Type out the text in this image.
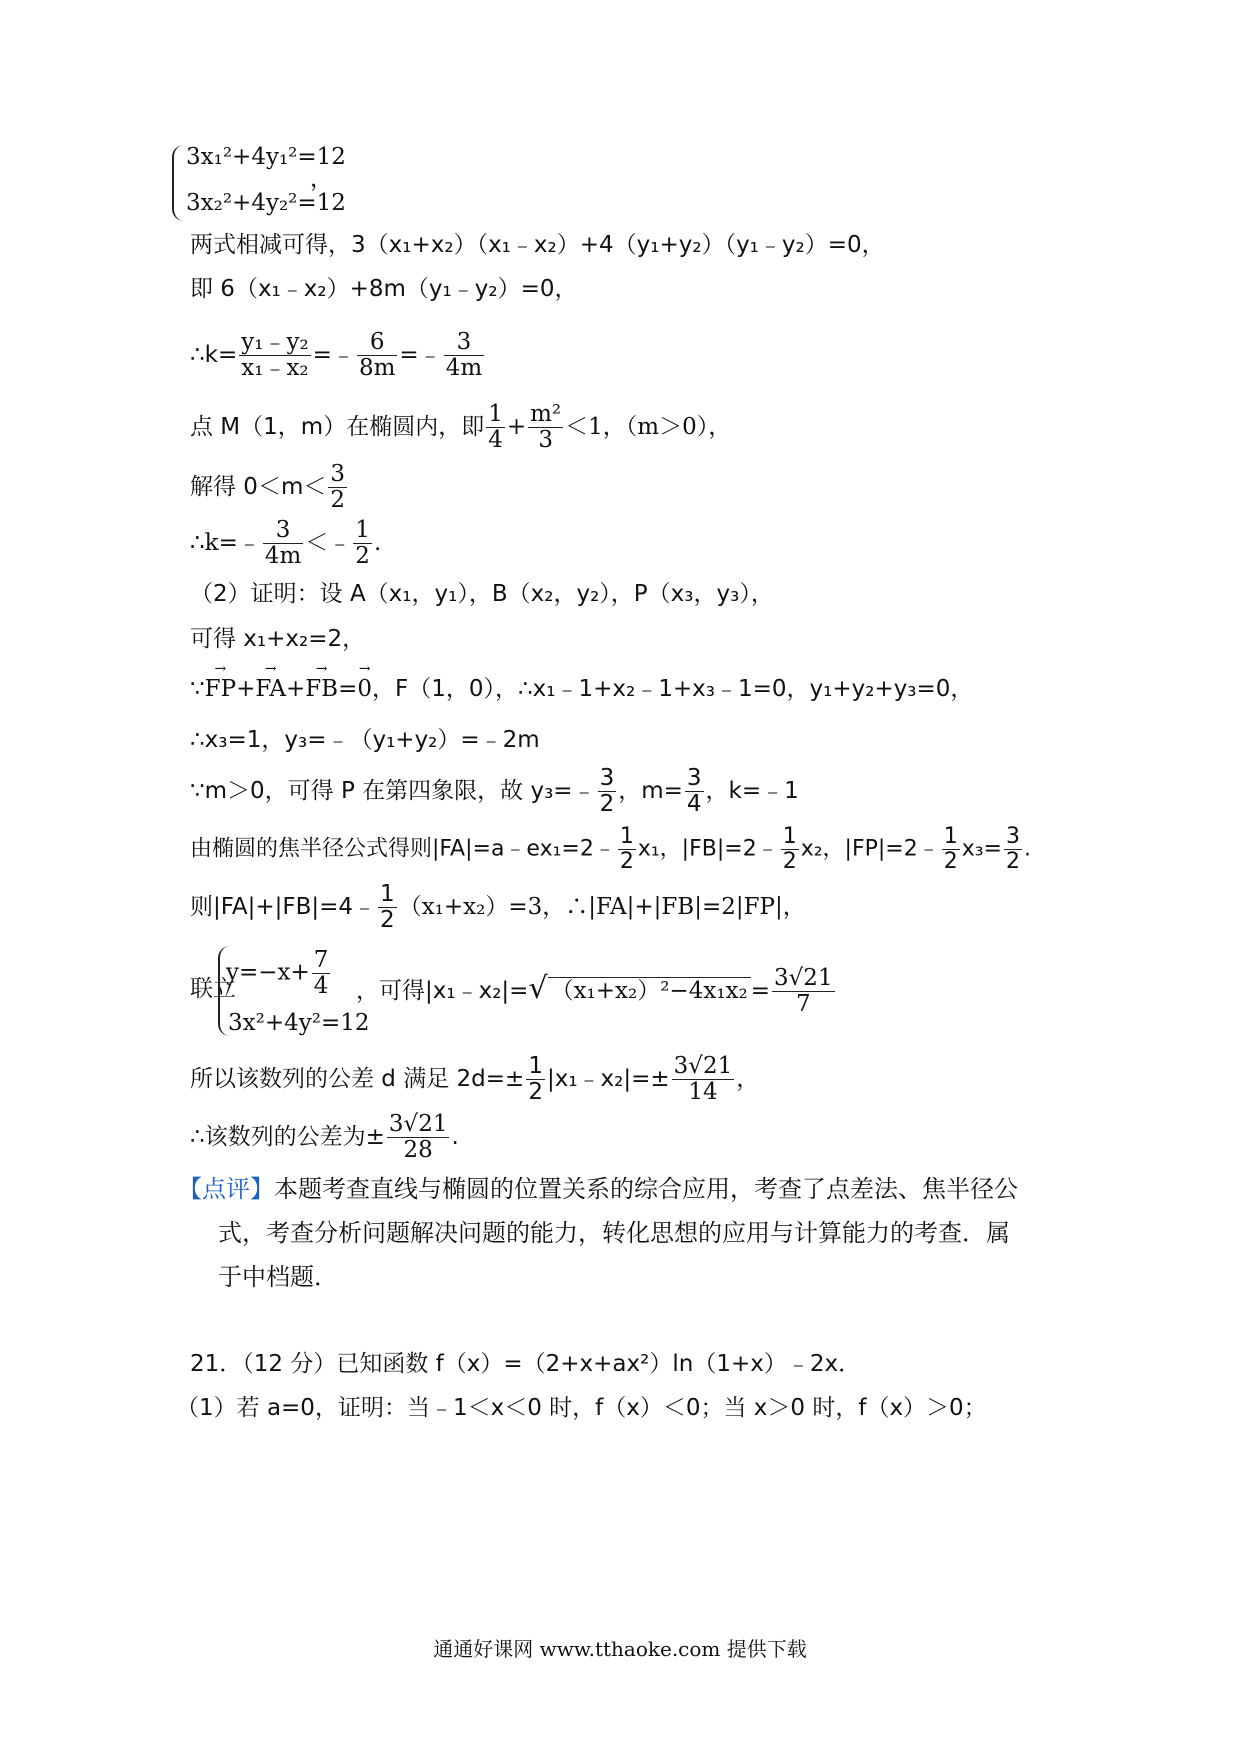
3x₁²+4y₁²=12
3x₂²+4y₂²=12
，
两式相减可得，3（x₁+x₂）（x₁﹣x₂）+4（y₁+y₂）（y₁﹣y₂）=0，
即 6（x₁﹣x₂）+8m（y₁﹣y₂）=0，
∴k= $\frac{\text{y₁﹣y₂}}{\text{x₁﹣x₂}}$ =﹣ $\frac{6}{8m}$ =﹣ $\frac{3}{4m}$
点 M（1，m）在椭圆内，即 $\frac{1}{4} + \frac{\text{m²}}{3} <1$，（m＞0），
解得 $0<m< \frac{3}{2}$
∴k=﹣ $\frac{3}{4m}$ ＜﹣ $\frac{1}{2}$ .
（2）证明：设 A（x₁，y₁），B（x₂，y₂），P（x₃，y₃），
可得 x₁+x₂=2，
∵→ FP+→ FA+→ FB=→ 0，F（1，0），∴x₁﹣1+x₂﹣1+x₃﹣1=0，y₁+y₂+y₃=0，
∴x₃=1，y₃=﹣（y₁+y₂）=﹣2m
∵m＞0，可得 P 在第四象限，故 y₃=﹣ $\frac{3}{2}$ ，$m= \frac{3}{4}$ ，k=﹣1
由椭圆的焦半径公式得则|FA|=a﹣ex₁=2﹣ $\frac{1}{2} x_1$，|FB|=2﹣ $\frac{1}{2} x_2$，|FP|=2﹣ $\frac{1}{2} x_3= \frac{3}{2}$ .
则|FA|+|FB|=4﹣ $\frac{1}{2} (x_1+x_2)=3$，∴|FA|+|FB|=2|FP|，
联立
$y=-x+ \frac{7}{4}$
3x²+4y²=12
，可得|x₁﹣x₂|=√ $(x_1+x_2)^2-4x_1x_2 = \frac{3√21}{7}$
所以该数列的公差 d 满足 $2d=\pm \frac{1}{2}$ |x₁﹣x₂|=± $\frac{3√21}{14}$ ，
∴该数列的公差为± $\frac{3√21}{28}$ .
【点评】本题考查直线与椭圆的位置关系的综合应用，考查了点差法、焦半径公
式，考查分析问题解决问题的能力，转化思想的应用与计算能力的考查．属
于中档题．
21．（12 分）已知函数 f（x）=（2+x+ax²）ln（1+x）﹣2x．
（1）若 a=0，证明：当﹣1＜x＜0 时，f（x）＜0；当 x＞0 时，f（x）＞0；
通通好课网 www.tthaoke.com 提供下载
